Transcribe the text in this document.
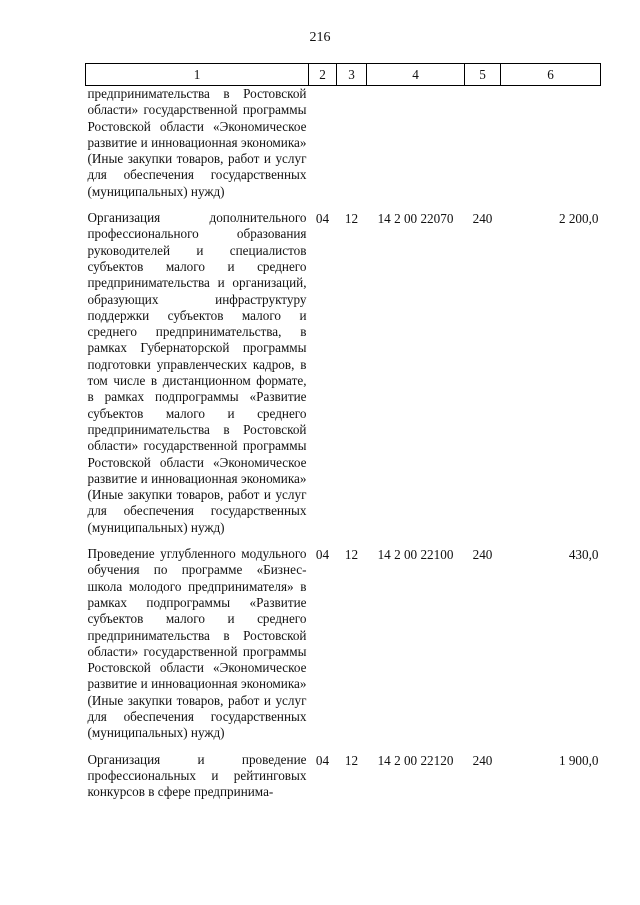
216
1	2	3	4	5	6
предпринимательства в Ростовской области» государственной программы Ростовской области «Экономическое развитие и инновационная экономика» (Иные закупки товаров, работ и услуг для обеспечения государственных (муниципальных) нужд)					
Организация дополнительного профессионального образования руководителей и специалистов субъектов малого и среднего предпринимательства и организаций, образующих инфраструктуру поддержки субъектов малого и среднего предпринимательства, в рамках Губернаторской программы подготовки управленческих кадров, в том числе в дистанционном формате, в рамках подпрограммы «Развитие субъектов малого и среднего предпринимательства в Ростовской области» государственной программы Ростовской области «Экономическое развитие и инновационная экономика» (Иные закупки товаров, работ и услуг для обеспечения государственных (муниципальных) нужд)	04	12	14 2 00 22070	240	2 200,0
Проведение углубленного модульного обучения по программе «Бизнес-школа молодого предпринимателя» в рамках подпрограммы «Развитие субъектов малого и среднего предпринимательства в Ростовской области» государственной программы Ростовской области «Экономическое развитие и инновационная экономика» (Иные закупки товаров, работ и услуг для обеспечения государственных (муниципальных) нужд)	04	12	14 2 00 22100	240	430,0
Организация и проведение профессиональных и рейтинговых конкурсов в сфере предпринима-	04	12	14 2 00 22120	240	1 900,0
